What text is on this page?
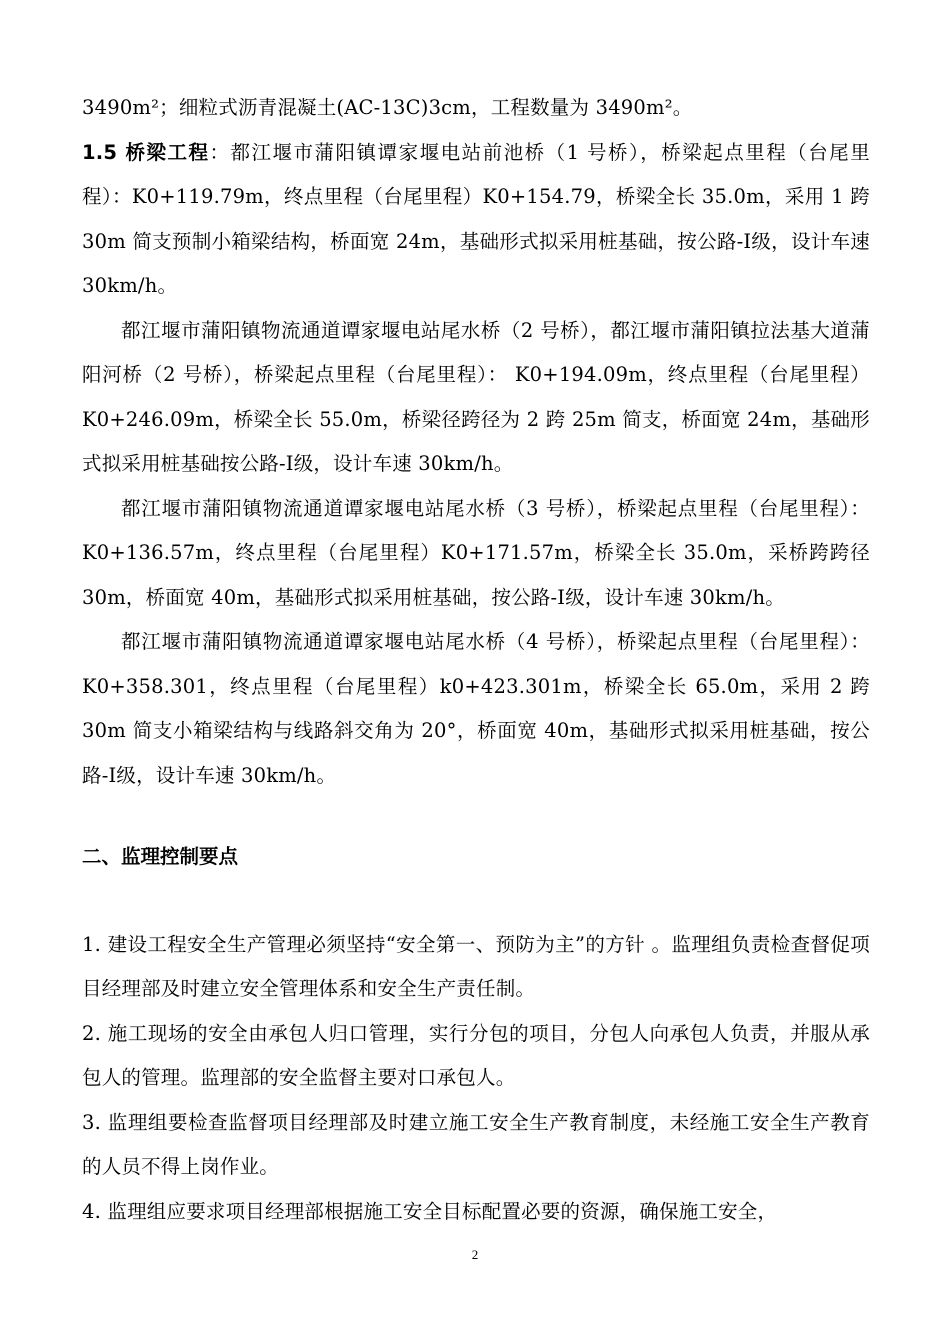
3490m²；细粒式沥青混凝土(AC-13C)3cm，工程数量为 3490m²。

1.5 桥梁工程：都江堰市蒲阳镇谭家堰电站前池桥（1 号桥），桥梁起点里程（台尾里程）：K0+119.79m，终点里程（台尾里程）K0+154.79，桥梁全长 35.0m，采用 1 跨 30m 简支预制小箱梁结构，桥面宽 24m，基础形式拟采用桩基础，按公路-I级，设计车速 30km/h。

都江堰市蒲阳镇物流通道谭家堰电站尾水桥（2 号桥），都江堰市蒲阳镇拉法基大道蒲阳河桥（2 号桥），桥梁起点里程（台尾里程）： K0+194.09m，终点里程（台尾里程）K0+246.09m，桥梁全长 55.0m，桥梁径跨径为 2 跨 25m 简支，桥面宽 24m，基础形式拟采用桩基础按公路-I级，设计车速 30km/h。

都江堰市蒲阳镇物流通道谭家堰电站尾水桥（3 号桥），桥梁起点里程（台尾里程）：K0+136.57m，终点里程（台尾里程）K0+171.57m，桥梁全长 35.0m，采桥跨跨径 30m，桥面宽 40m，基础形式拟采用桩基础，按公路-I级，设计车速 30km/h。

都江堰市蒲阳镇物流通道谭家堰电站尾水桥（4 号桥），桥梁起点里程（台尾里程）：K0+358.301，终点里程（台尾里程）k0+423.301m，桥梁全长 65.0m，采用 2 跨 30m 简支小箱梁结构与线路斜交角为 20°，桥面宽 40m，基础形式拟采用桩基础，按公路-I级，设计车速 30km/h。

二、监理控制要点

1. 建设工程安全生产管理必须坚持“安全第一、预防为主”的方针 。监理组负责检查督促项目经理部及时建立安全管理体系和安全生产责任制。

2. 施工现场的安全由承包人归口管理，实行分包的项目，分包人向承包人负责，并服从承包人的管理。监理部的安全监督主要对口承包人。

3. 监理组要检查监督项目经理部及时建立施工安全生产教育制度，未经施工安全生产教育的人员不得上岗作业。

4. 监理组应要求项目经理部根据施工安全目标配置必要的资源，确保施工安全，

2
